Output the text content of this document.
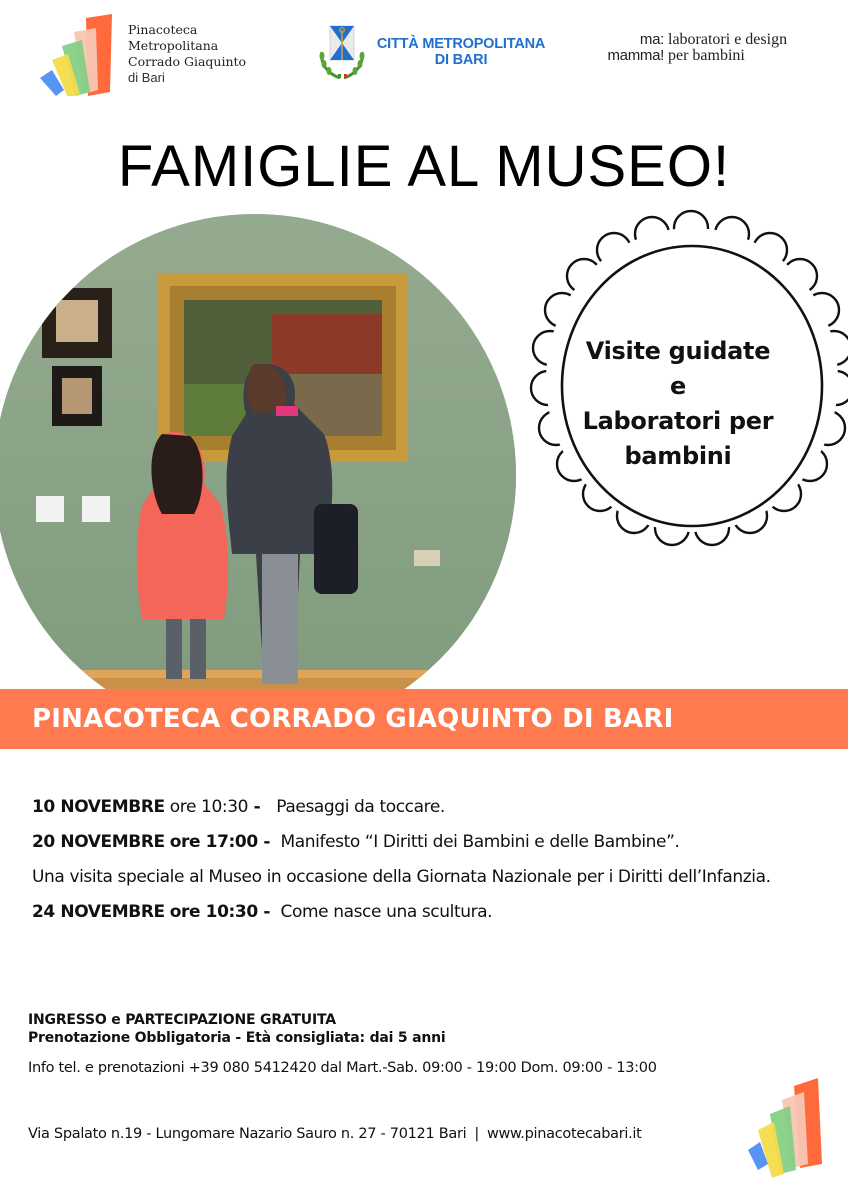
Pinacoteca
Metropolitana
Corrado Giaquinto
di Bari
CITTÀ METROPOLITANA
DI BARI
ma: laboratori e design
mamma! per bambini
FAMIGLIE AL MUSEO!
Visite guidate
e
Laboratori per
bambini
PINACOTECA CORRADO GIAQUINTO DI BARI
10 NOVEMBRE ore 10:30 -   Paesaggi da toccare.
20 NOVEMBRE ore 17:00 -  Manifesto “I Diritti dei Bambini e delle Bambine”.
Una visita speciale al Museo in occasione della Giornata Nazionale per i Diritti dell’Infanzia.
24 NOVEMBRE ore 10:30 -  Come nasce una scultura.
INGRESSO e PARTECIPAZIONE GRATUITA
Prenotazione Obbligatoria - Età consigliata: dai 5 anni
Info tel. e prenotazioni +39 080 5412420 dal Mart.-Sab. 09:00 - 19:00 Dom. 09:00 - 13:00
Via Spalato n.19 - Lungomare Nazario Sauro n. 27 - 70121 Bari | www.pinacotecabari.it
